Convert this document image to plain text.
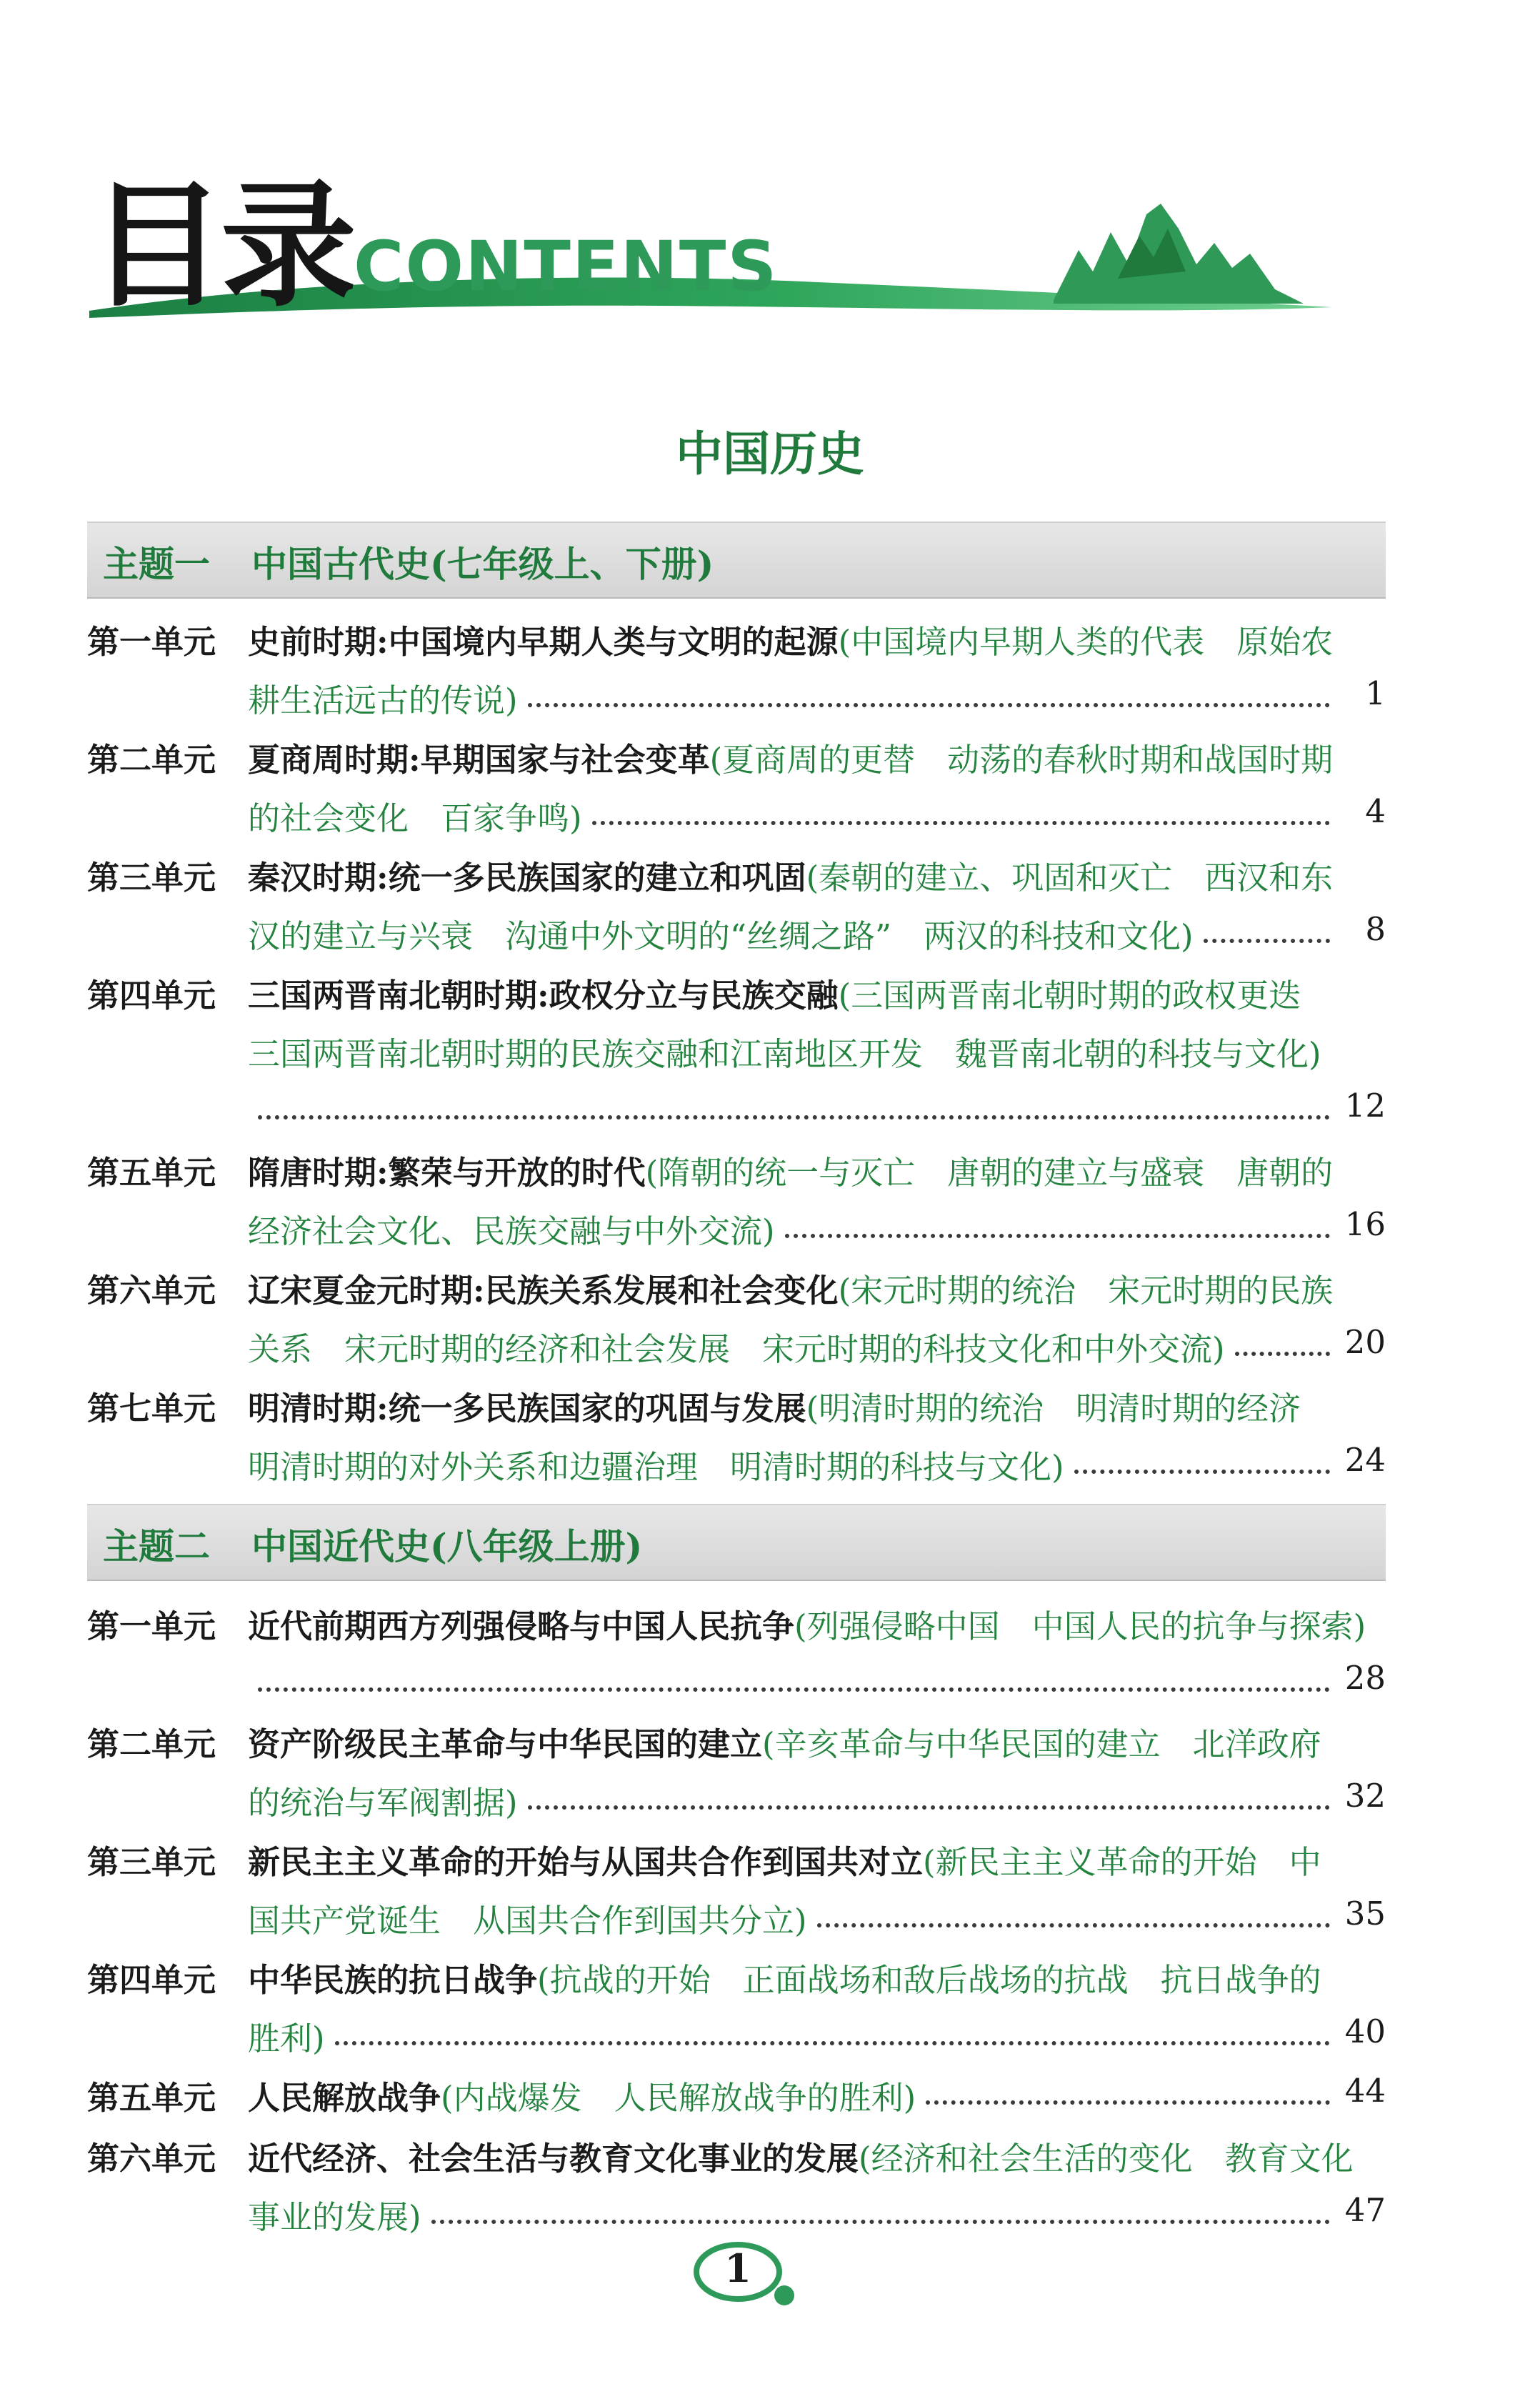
目录 CONTENTS
中国历史
主题一 中国古代史(七年级上、下册)
第一单元 史前时期:中国境内早期人类与文明的起源(中国境内早期人类的代表　原始农
耕生活远古的传说)	1
第二单元 夏商周时期:早期国家与社会变革(夏商周的更替　动荡的春秋时期和战国时期
的社会变化　百家争鸣)	4
第三单元 秦汉时期:统一多民族国家的建立和巩固(秦朝的建立、巩固和灭亡　西汉和东
汉的建立与兴衰　沟通中外文明的“丝绸之路”　两汉的科技和文化)	8
第四单元 三国两晋南北朝时期:政权分立与民族交融(三国两晋南北朝时期的政权更迭
三国两晋南北朝时期的民族交融和江南地区开发　魏晋南北朝的科技与文化)
12
第五单元 隋唐时期:繁荣与开放的时代(隋朝的统一与灭亡　唐朝的建立与盛衰　唐朝的
经济社会文化、民族交融与中外交流)	16
第六单元 辽宋夏金元时期:民族关系发展和社会变化(宋元时期的统治　宋元时期的民族
关系　宋元时期的经济和社会发展　宋元时期的科技文化和中外交流)	20
第七单元 明清时期:统一多民族国家的巩固与发展(明清时期的统治　明清时期的经济
明清时期的对外关系和边疆治理　明清时期的科技与文化)	24
主题二 中国近代史(八年级上册)
第一单元 近代前期西方列强侵略与中国人民抗争(列强侵略中国　中国人民的抗争与探索)
28
第二单元 资产阶级民主革命与中华民国的建立(辛亥革命与中华民国的建立　北洋政府
的统治与军阀割据)	32
第三单元 新民主主义革命的开始与从国共合作到国共对立(新民主主义革命的开始　中
国共产党诞生　从国共合作到国共分立)	35
第四单元 中华民族的抗日战争(抗战的开始　正面战场和敌后战场的抗战　抗日战争的
胜利)	40
第五单元 人民解放战争(内战爆发　人民解放战争的胜利)	44
第六单元 近代经济、社会生活与教育文化事业的发展(经济和社会生活的变化　教育文化
事业的发展)	47
1
